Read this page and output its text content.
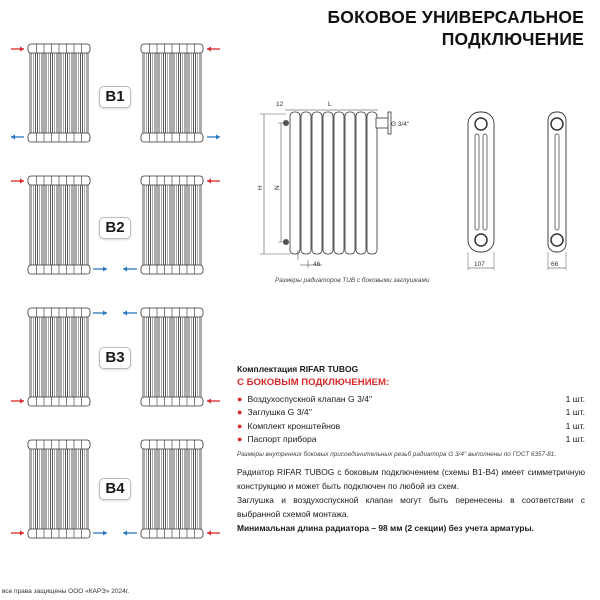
БОКОВОЕ УНИВЕРСАЛЬНОЕ
ПОДКЛЮЧЕНИЕ
B1
B2
B3
B4
12	L
G 3/4''
H N
46	107	66
Размеры радиаторов TUB с боковыми заглушками
Комплектация RIFAR TUBOG
С БОКОВЫМ ПОДКЛЮЧЕНИЕМ:
● Воздухоспускной клапан G 3/4''	1 шт.
● Заглушка G 3/4''	1 шт.
● Комплект кронштейнов	1 шт.
● Паспорт прибора	1 шт.
Размеры внутренних боковых присоединительных резьб радиатора G 3/4'' выполнены по ГОСТ 6357-81.

Радиатор RIFAR TUBOG с боковым подключением (схемы B1-B4) имеет симметричную конструкцию и может быть подключен по любой из схем.

Заглушка и воздухоспускной клапан могут быть перенесены в соответствии с выбранной схемой монтажа.

Минимальная длина радиатора – 98 мм (2 секции) без учета арматуры.

все права защищены ООО «КАРЭ» 2024г.
